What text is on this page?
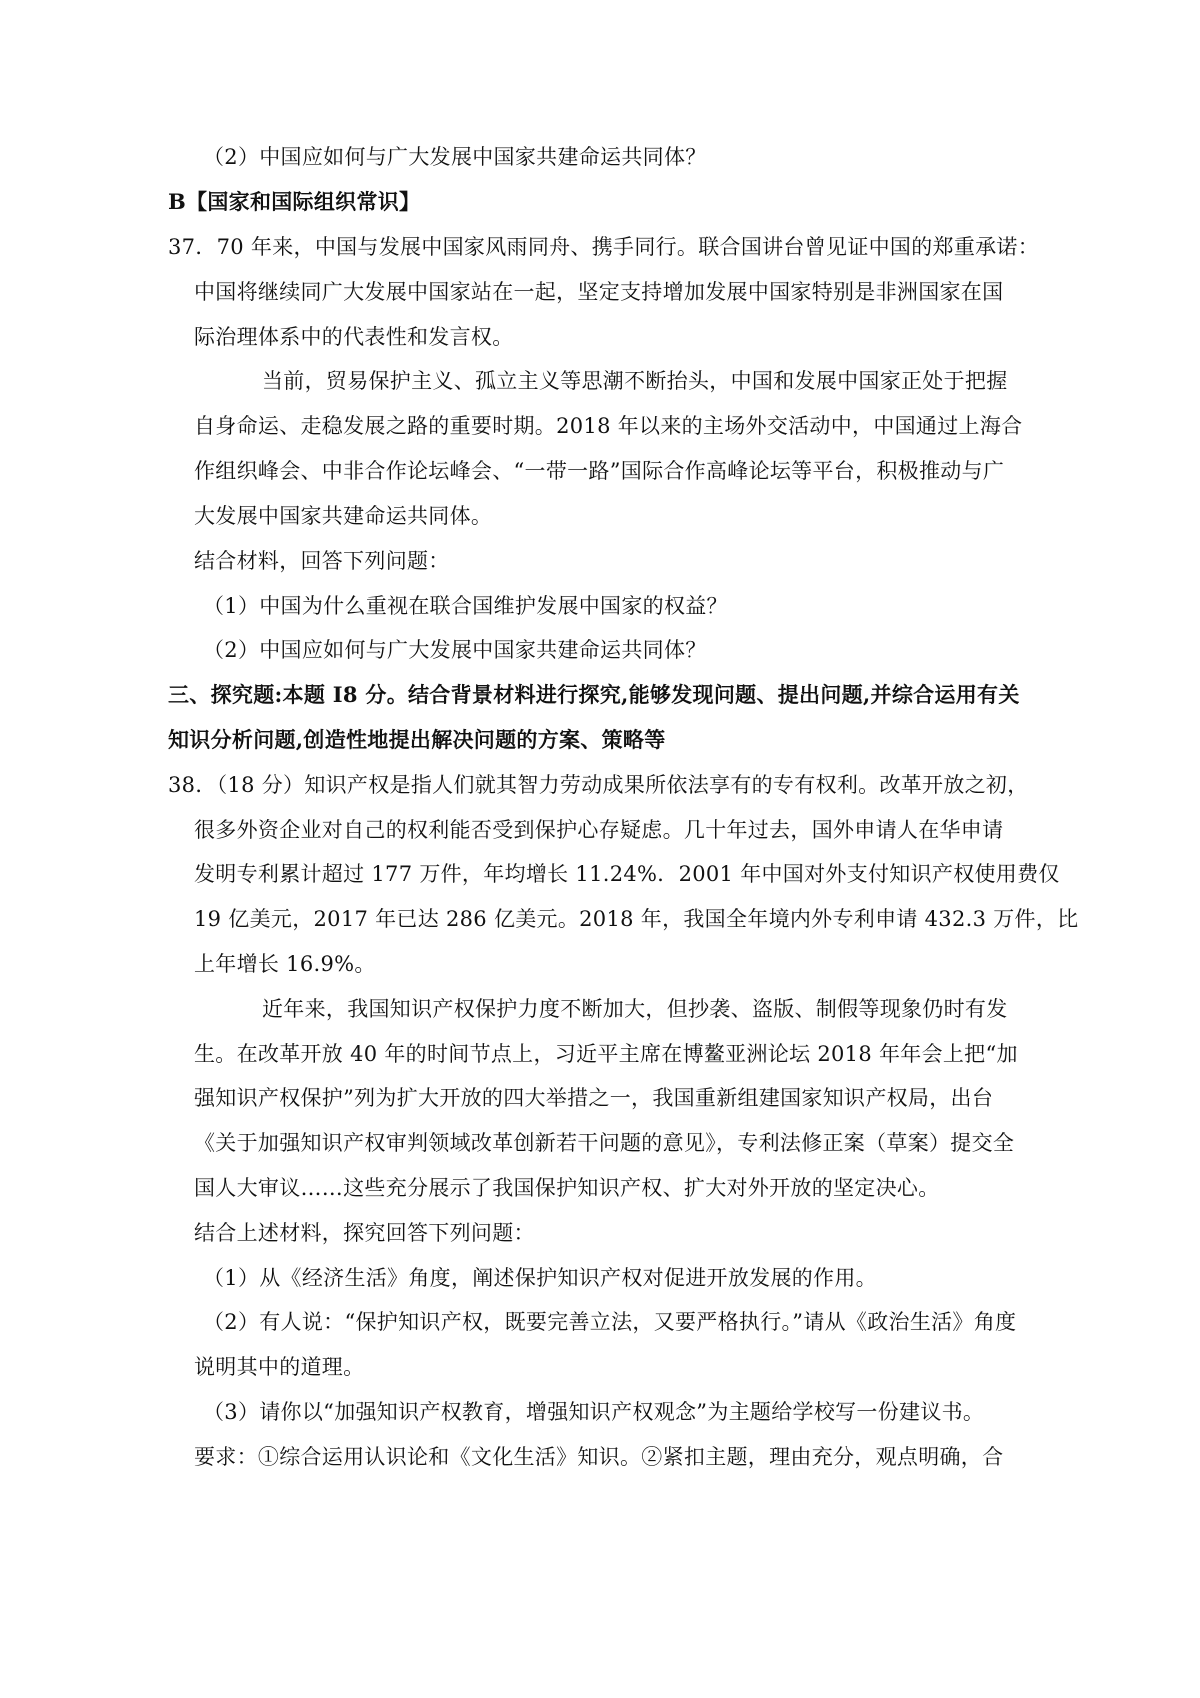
（2）中国应如何与广大发展中国家共建命运共同体？

B【国家和国际组织常识】

37．70 年来，中国与发展中国家风雨同舟、携手同行。联合国讲台曾见证中国的郑重承诺：

中国将继续同广大发展中国家站在一起，坚定支持增加发展中国家特别是非洲国家在国

际治理体系中的代表性和发言权。

当前，贸易保护主义、孤立主义等思潮不断抬头，中国和发展中国家正处于把握

自身命运、走稳发展之路的重要时期。2018 年以来的主场外交活动中，中国通过上海合

作组织峰会、中非合作论坛峰会、“一带一路”国际合作高峰论坛等平台，积极推动与广

大发展中国家共建命运共同体。

结合材料，回答下列问题：

（1）中国为什么重视在联合国维护发展中国家的权益？

（2）中国应如何与广大发展中国家共建命运共同体？

三、探究题:本题 I8 分。结合背景材料进行探究,能够发现问题、提出问题,并综合运用有关

知识分析问题,创造性地提出解决问题的方案、策略等

38．（18 分）知识产权是指人们就其智力劳动成果所依法享有的专有权利。改革开放之初，

很多外资企业对自己的权利能否受到保护心存疑虑。几十年过去，国外申请人在华申请

发明专利累计超过 177 万件，年均增长 11.24%．2001 年中国对外支付知识产权使用费仅

19 亿美元，2017 年已达 286 亿美元。2018 年，我国全年境内外专利申请 432.3 万件，比

上年增长 16.9%。

近年来，我国知识产权保护力度不断加大，但抄袭、盗版、制假等现象仍时有发

生。在改革开放 40 年的时间节点上，习近平主席在博鳌亚洲论坛 2018 年年会上把“加

强知识产权保护”列为扩大开放的四大举措之一，我国重新组建国家知识产权局，出台

《关于加强知识产权审判领域改革创新若干问题的意见》，专利法修正案（草案）提交全

国人大审议……这些充分展示了我国保护知识产权、扩大对外开放的坚定决心。

结合上述材料，探究回答下列问题：

（1）从《经济生活》角度，阐述保护知识产权对促进开放发展的作用。

（2）有人说：“保护知识产权，既要完善立法，又要严格执行。”请从《政治生活》角度

说明其中的道理。

（3）请你以“加强知识产权教育，增强知识产权观念”为主题给学校写一份建议书。

要求：①综合运用认识论和《文化生活》知识。②紧扣主题，理由充分，观点明确，合
